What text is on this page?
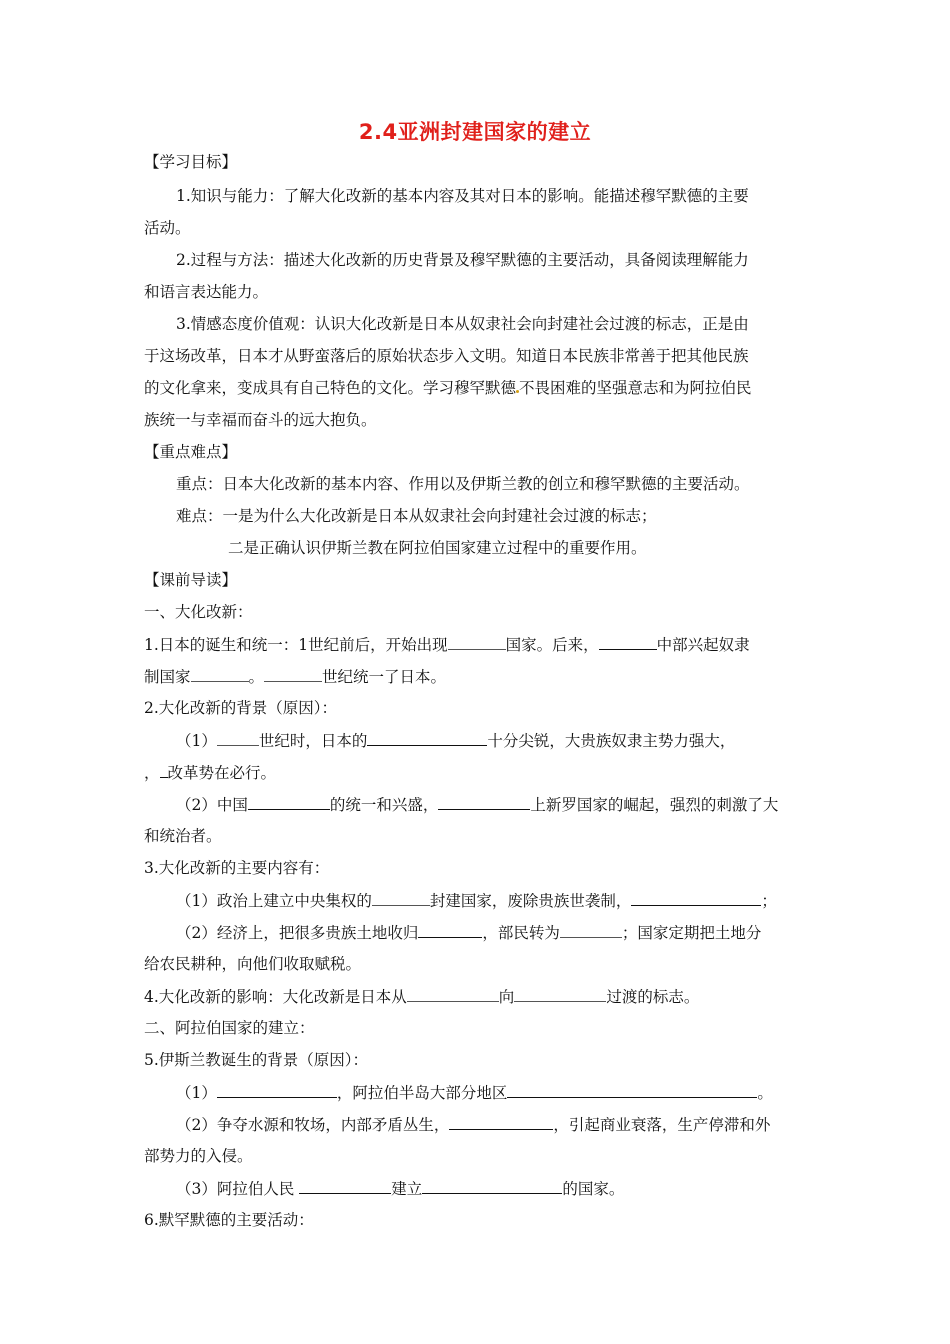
2.4亚洲封建国家的建立
【学习目标】
1.知识与能力：了解大化改新的基本内容及其对日本的影响。能描述穆罕默德的主要
活动。
2.过程与方法：描述大化改新的历史背景及穆罕默德的主要活动，具备阅读理解能力
和语言表达能力。
3.情感态度价值观：认识大化改新是日本从奴隶社会向封建社会过渡的标志，正是由
于这场改革，日本才从野蛮落后的原始状态步入文明。知道日本民族非常善于把其他民族
的文化拿来，变成具有自己特色的文化。学习穆罕默德 不畏困难的坚强意志和为阿拉伯民
族统一与幸福而奋斗的远大抱负。
【重点难点】
重点：日本大化改新的基本内容、作用以及伊斯兰教的创立和穆罕默德的主要活动。
难点：一是为什么大化改新是日本从奴隶社会向封建社会过渡的标志；
二是正确认识伊斯兰教在阿拉伯国家建立过程中的重要作用。
【课前导读】
一、大化改新：
1.日本的诞生和统一：1世纪前后，开始出现	国家。后来，	中部兴起奴隶
制国家	。	世纪统一了日本。
2.大化改新的背景（原因）：
（1）	世纪时，日本的	十分尖锐，大贵族奴隶主势力强大，
， 改革势在必行。
（2）中国	的统一和兴盛，	上新罗国家的崛起，强烈的刺激了大
和统治者。
3.大化改新的主要内容有：
（1）政治上建立中央集权的	封建国家，废除贵族世袭制，	；
（2）经济上，把很多贵族土地收归	，部民转为	；国家定期把土地分
给农民耕种，向他们收取赋税。
4.大化改新的影响：大化改新是日本从	向	过渡的标志。
二、阿拉伯国家的建立：
5.伊斯兰教诞生的背景（原因）：
（1）	，阿拉伯半岛大部分地区	。
（2）争夺水源和牧场，内部矛盾丛生，	，引起商业衰落，生产停滞和外
部势力的入侵。
（3）阿拉伯人民	建立	的国家。
6.默罕默德的主要活动：
